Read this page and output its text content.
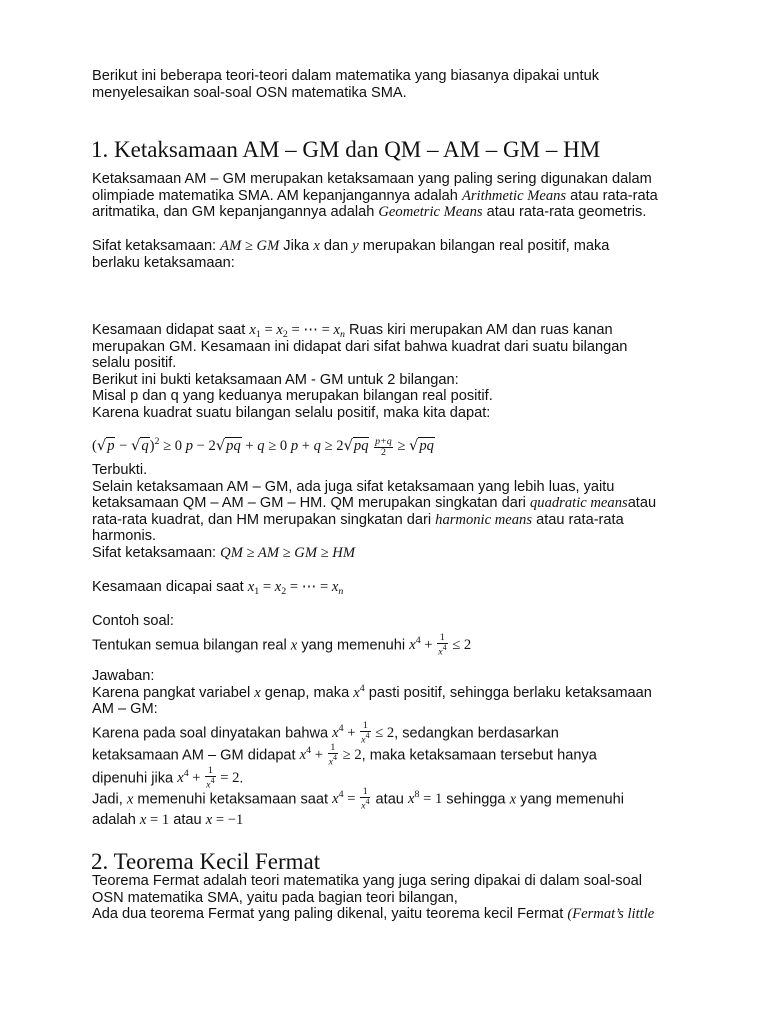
Berikut ini beberapa teori-teori dalam matematika yang biasanya dipakai untuk

menyelesaikan soal-soal OSN matematika SMA.

1. Ketaksamaan AM – GM dan QM – AM – GM – HM

Ketaksamaan AM – GM merupakan ketaksamaan yang paling sering digunakan dalam

olimpiade matematika SMA. AM kepanjangannya adalah Arithmetic Means atau rata-rata

aritmatika, dan GM kepanjangannya adalah Geometric Means atau rata-rata geometris.

Sifat ketaksamaan: AM ≥ GM Jika x dan y merupakan bilangan real positif, maka

berlaku ketaksamaan:

Kesamaan didapat saat $x_1 = x_2$ = ⋯ = $x_n$ Ruas kiri merupakan AM dan ruas kanan

merupakan GM. Kesamaan ini didapat dari sifat bahwa kuadrat dari suatu bilangan

selalu positif.

Berikut ini bukti ketaksamaan AM - GM untuk 2 bilangan:

Misal p dan q yang keduanya merupakan bilangan real positif.

Karena kuadrat suatu bilangan selalu positif, maka kita dapat:

$(√p - √q)^2 \ge 0$ p − 2√pq + q ≥ 0 $p + q \ge 2√pq \frac{p+q}{2} \ge √pq$

Terbukti.

Selain ketaksamaan AM – GM, ada juga sifat ketaksamaan yang lebih luas, yaitu

ketaksamaan QM – AM – GM – HM. QM merupakan singkatan dari quadratic meansatau

rata-rata kuadrat, dan HM merupakan singkatan dari harmonic means atau rata-rata

harmonis.

Sifat ketaksamaan: QM ≥ AM ≥ GM ≥ HM

Kesamaan dicapai saat $x_1 = x_2$ = ⋯ = $x_n$

Contoh soal:

Tentukan semua bilangan real x yang memenuhi $x^4 + \frac{1}{x^4} \le 2$

Jawaban:

Karena pangkat variabel x genap, maka $x^4$ pasti positif, sehingga berlaku ketaksamaan

AM – GM:

Karena pada soal dinyatakan bahwa $x^4 + \frac{1}{x^4} \le 2$, sedangkan berdasarkan

ketaksamaan AM – GM didapat $x^4 + \frac{1}{x^4} \ge 2$, maka ketaksamaan tersebut hanya

dipenuhi jika $x^4 + \frac{1}{x^4} = 2$.

Jadi, x memenuhi ketaksamaan saat $x^4 = \frac{1}{x^4}$ atau $x^8 = 1$ sehingga x yang memenuhi

adalah x = 1 atau x = −1

2. Teorema Kecil Fermat

Teorema Fermat adalah teori matematika yang juga sering dipakai di dalam soal-soal

OSN matematika SMA, yaitu pada bagian teori bilangan,

Ada dua teorema Fermat yang paling dikenal, yaitu teorema kecil Fermat (Fermat’s little
